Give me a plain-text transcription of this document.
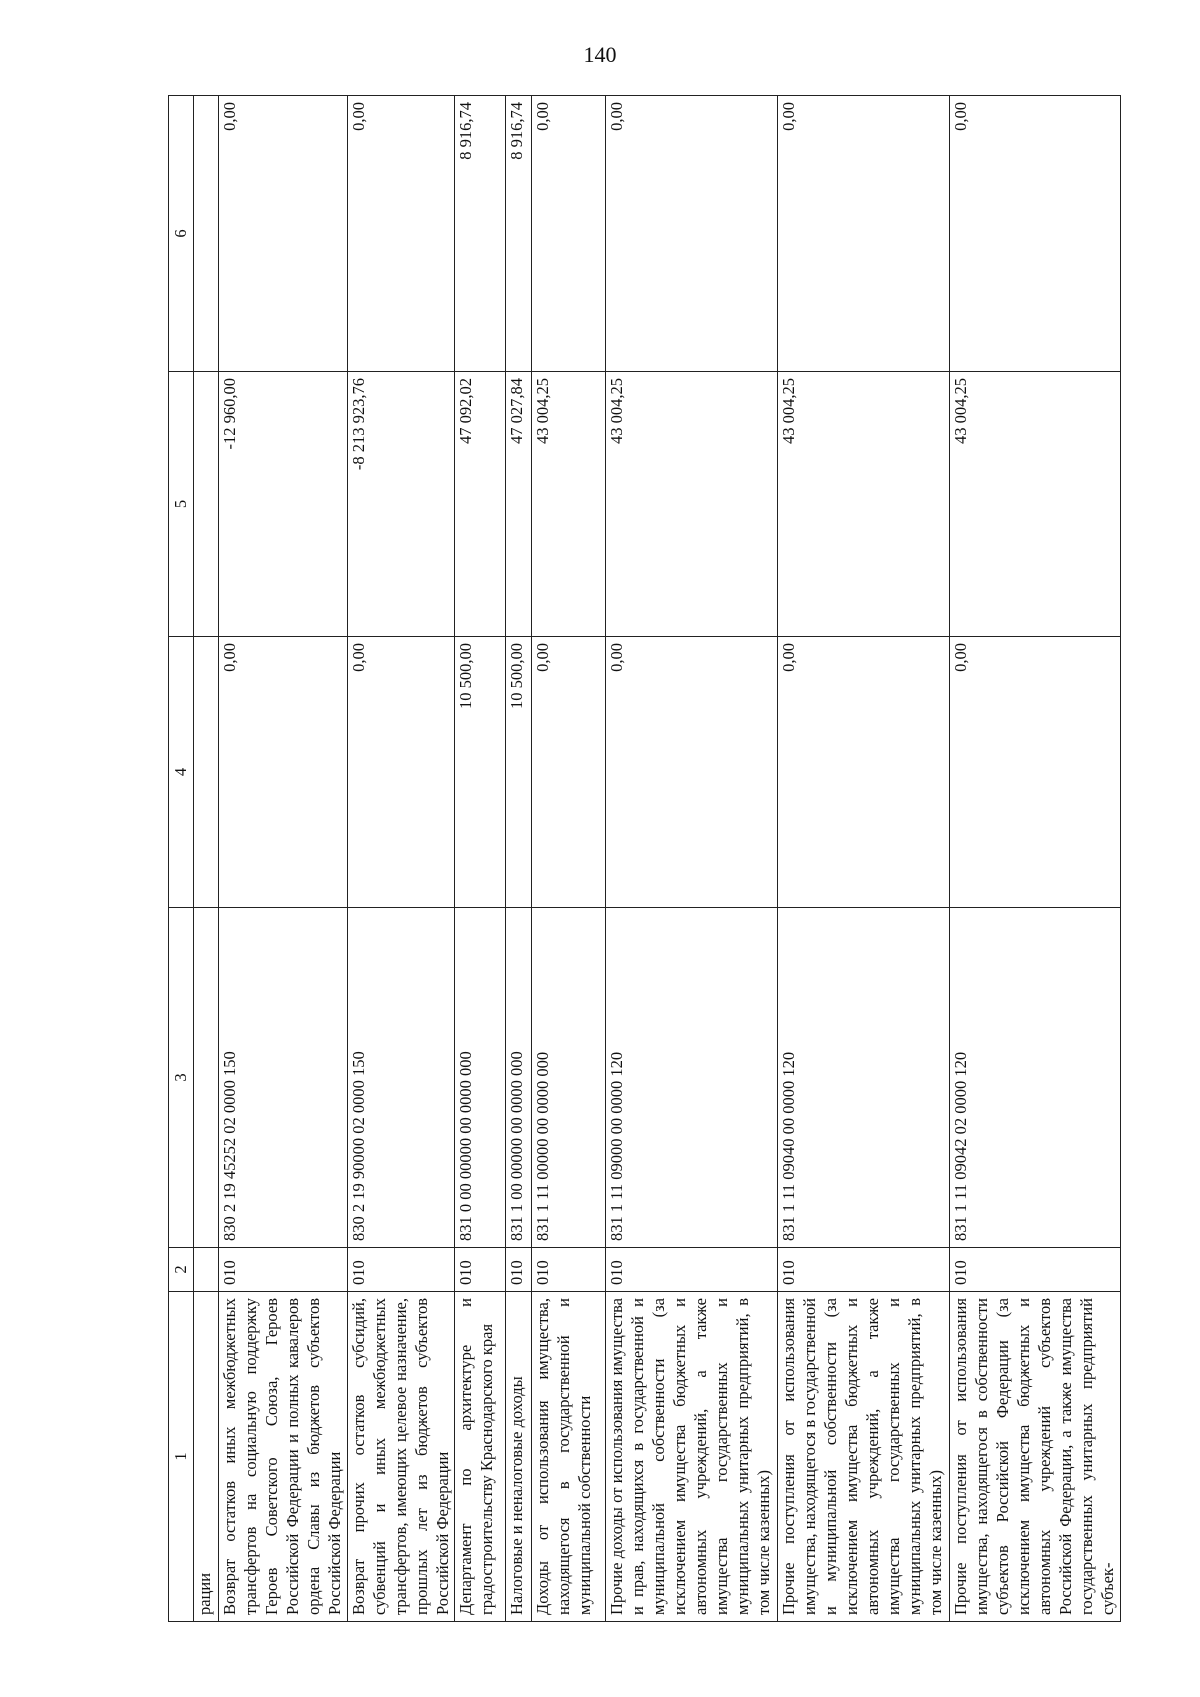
140
1	2	3	4	5	6
рации					
Возврат остатков иных межбюджетных трансфертов на социальную поддержку Героев Советского Союза, Героев Российской Федерации и полных кавалеров ордена Славы из бюджетов субъектов Российской Федерации	010	830 2 19 45252 02 0000 150	0,00	-12 960,00	0,00
Возврат прочих остатков субсидий, субвенций и иных межбюджетных трансфертов, имеющих целевое назначение, прошлых лет из бюджетов субъектов Российской Федерации	010	830 2 19 90000 02 0000 150	0,00	-8 213 923,76	0,00
Департамент по архитектуре и градостроительству Краснодарского края	010	831 0 00 00000 00 0000 000	10 500,00	47 092,02	8 916,74
Налоговые и неналоговые доходы	010	831 1 00 00000 00 0000 000	10 500,00	47 027,84	8 916,74
Доходы от использования имущества, находящегося в государственной и муниципальной собственности	010	831 1 11 00000 00 0000 000	0,00	43 004,25	0,00
Прочие доходы от использования имущества и прав, находящихся в государственной и муниципальной собственности (за исключением имущества бюджетных и автономных учреждений, а также имущества государственных и муниципальных унитарных предприятий, в том числе казенных)	010	831 1 11 09000 00 0000 120	0,00	43 004,25	0,00
Прочие поступления от использования имущества, находящегося в государственной и муниципальной собственности (за исключением имущества бюджетных и автономных учреждений, а также имущества государственных и муниципальных унитарных предприятий, в том числе казенных)	010	831 1 11 09040 00 0000 120	0,00	43 004,25	0,00
Прочие поступления от использования имущества, находящегося в собственности субъектов Российской Федерации (за исключением имущества бюджетных и автономных учреждений субъектов Российской Федерации, а также имущества государственных унитарных предприятий субъек-	010	831 1 11 09042 02 0000 120	0,00	43 004,25	0,00
